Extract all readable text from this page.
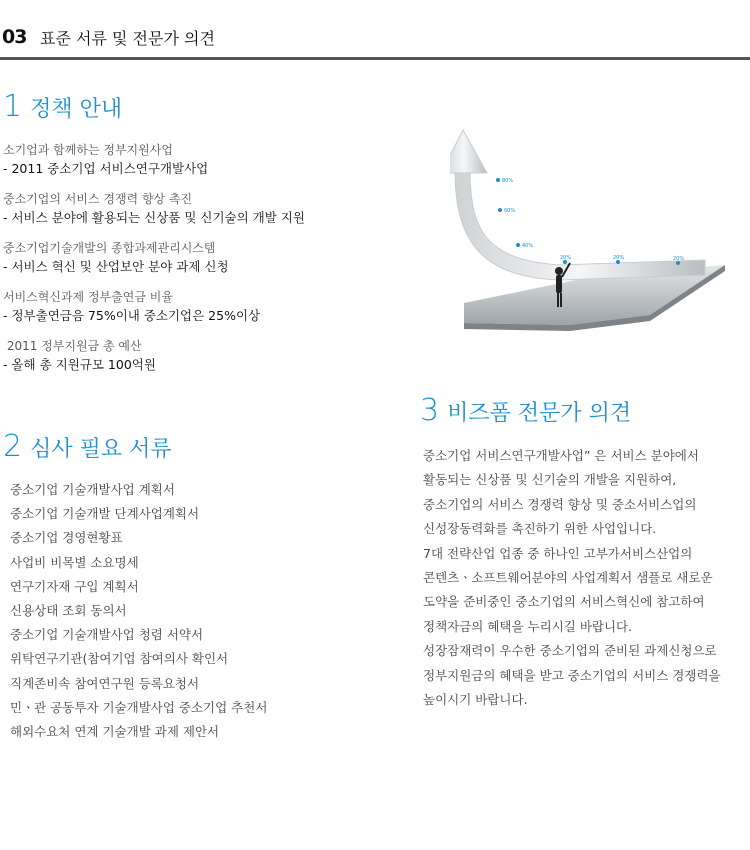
03 표준 서류 및 전문가 의견
1 정책 안내
소기업과 함께하는 정부지원사업
- 2011 중소기업 서비스연구개발사업
중소기업의 서비스 경쟁력 향상 촉진
- 서비스 분야에 활용되는 신상품 및 신기술의 개발 지원
중소기업기술개발의 종합과제관리시스템
- 서비스 혁신 및 산업보안 분야 과제 신청
서비스혁신과제 정부출연금 비율
- 정부출연금음 75%이내 중소기업은 25%이상
2011 정부지원금 총 예산
- 올해 총 지원규모 100억원
2 심사 필요 서류
중소기업 기술개발사업 계획서
중소기업 기술개발 단계사업계획서
중소기업 경영현황표
사업비 비목별 소요명세
연구기자재 구입 계획서
신용상태 조회 동의서
중소기업 기술개발사업 청렴 서약서
위탁연구기관(참여기업 참여의사 확인서
직계존비속 참여연구원 등록요청서
민ㆍ관 공동투자 기술개발사업 중소기업 추천서
해외수요처 연계 기술개발 과제 제안서
80%
60%
40%
20%	20%	20%
3 비즈폼 전문가 의견

중소기업 서비스연구개발사업” 은 서비스 분야에서

활동되는 신상품 및 신기술의 개발을 지원하여,

중소기업의 서비스 경쟁력 향상 및 중소서비스업의

신성장동력화를 촉진하기 위한 사업입니다.

7대 전략산업 업종 중 하나인 고부가서비스산업의

콘텐츠ㆍ소프트웨어분야의 사업계획서 샘플로 새로운

도약을 준비중인 중소기업의 서비스혁신에 참고하여

정책자금의 혜택을 누리시길 바랍니다.

성장잠재력이 우수한 중소기업의 준비된 과제신청으로

정부지원금의 혜택을 받고 중소기업의 서비스 경쟁력을

높이시기 바랍니다.
